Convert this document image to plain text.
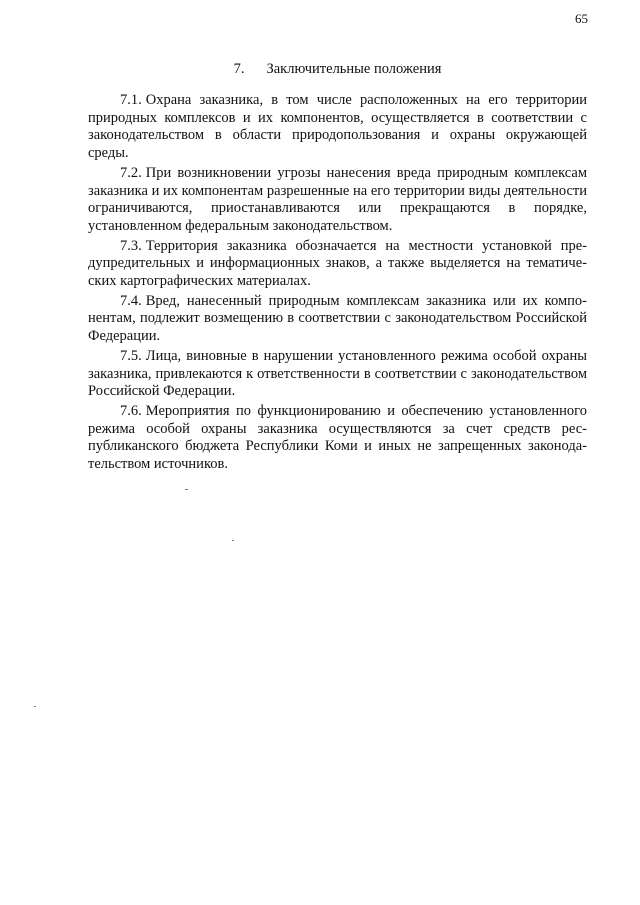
65
7. Заключительные положения

7.1. Охрана заказника, в том числе расположенных на его территории природных комплексов и их компонентов, осуществляется в соответствии с законодательством в области природопользования и охраны окружающей среды.

7.2. При возникновении угрозы нанесения вреда природным комплексам заказника и их компонентам разрешенные на его территории виды деятельности ограничиваются, приостанавливаются или прекращаются в порядке, установленном федеральным законодательством.

7.3. Территория заказника обозначается на местности установкой предупредительных и информационных знаков, а также выделяется на тематических картографических материалах.

7.4. Вред, нанесенный природным комплексам заказника или их компонентам, подлежит возмещению в соответствии с законодательством Российской Федерации.

7.5. Лица, виновные в нарушении установленного режима особой охраны заказника, привлекаются к ответственности в соответствии с законодательством Российской Федерации.

7.6. Мероприятия по функционированию и обеспечению установленного режима особой охраны заказника осуществляются за счет средств республиканского бюджета Республики Коми и иных не запрещенных законодательством источников.
